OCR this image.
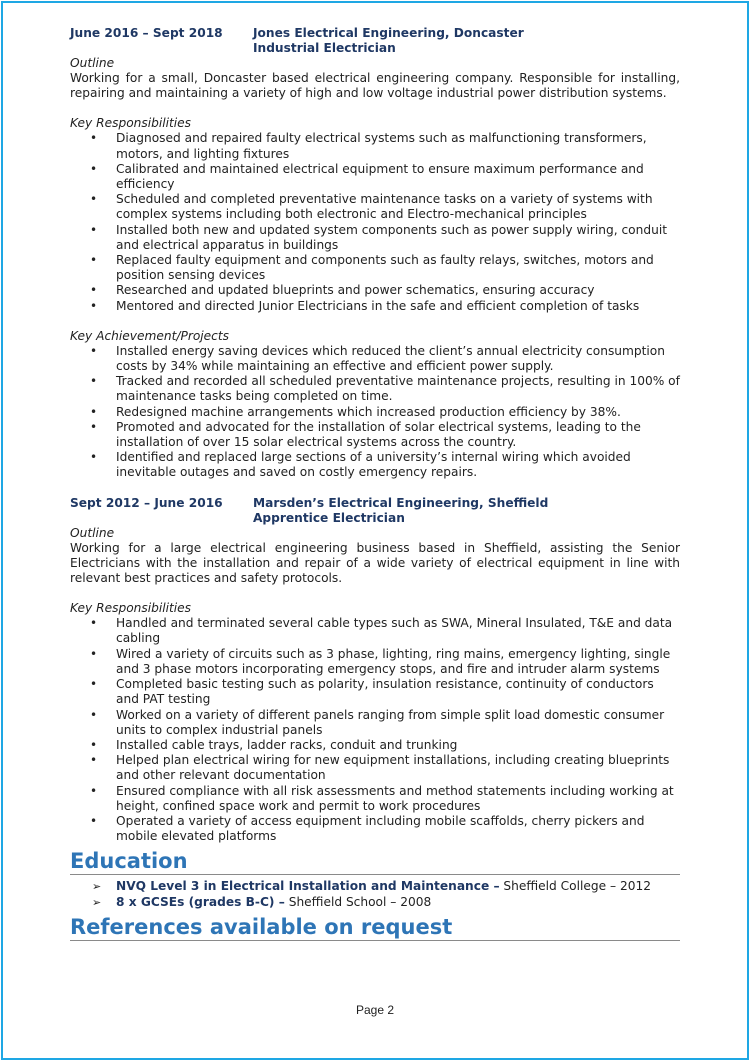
June 2016 – Sept 2018	Jones Electrical Engineering, Doncaster
Industrial Electrician
Outline

Working for a small, Doncaster based electrical engineering company. Responsible for installing, repairing and maintaining a variety of high and low voltage industrial power distribution systems.

Key Responsibilities
• Diagnosed and repaired faulty electrical systems such as malfunctioning transformers, motors, and lighting fixtures
• Calibrated and maintained electrical equipment to ensure maximum performance and efficiency
• Scheduled and completed preventative maintenance tasks on a variety of systems with complex systems including both electronic and Electro-mechanical principles
• Installed both new and updated system components such as power supply wiring, conduit and electrical apparatus in buildings
• Replaced faulty equipment and components such as faulty relays, switches, motors and position sensing devices
• Researched and updated blueprints and power schematics, ensuring accuracy
• Mentored and directed Junior Electricians in the safe and efficient completion of tasks
Key Achievement/Projects
• Installed energy saving devices which reduced the client’s annual electricity consumption costs by 34% while maintaining an effective and efficient power supply.
• Tracked and recorded all scheduled preventative maintenance projects, resulting in 100% of maintenance tasks being completed on time.
• Redesigned machine arrangements which increased production efficiency by 38%.
• Promoted and advocated for the installation of solar electrical systems, leading to the installation of over 15 solar electrical systems across the country.
• Identified and replaced large sections of a university’s internal wiring which avoided inevitable outages and saved on costly emergency repairs.
Sept 2012 – June 2016	Marsden’s Electrical Engineering, Sheffield
Apprentice Electrician
Outline

Working for a large electrical engineering business based in Sheffield, assisting the Senior Electricians with the installation and repair of a wide variety of electrical equipment in line with relevant best practices and safety protocols.

Key Responsibilities
• Handled and terminated several cable types such as SWA, Mineral Insulated, T&E and data cabling
• Wired a variety of circuits such as 3 phase, lighting, ring mains, emergency lighting, single and 3 phase motors incorporating emergency stops, and fire and intruder alarm systems
• Completed basic testing such as polarity, insulation resistance, continuity of conductors and PAT testing
• Worked on a variety of different panels ranging from simple split load domestic consumer units to complex industrial panels
• Installed cable trays, ladder racks, conduit and trunking
• Helped plan electrical wiring for new equipment installations, including creating blueprints and other relevant documentation
• Ensured compliance with all risk assessments and method statements including working at height, confined space work and permit to work procedures
• Operated a variety of access equipment including mobile scaffolds, cherry pickers and mobile elevated platforms
Education
➢ NVQ Level 3 in Electrical Installation and Maintenance – Sheffield College – 2012
➢ 8 x GCSEs (grades B-C) – Sheffield School – 2008
References available on request
Page 2
